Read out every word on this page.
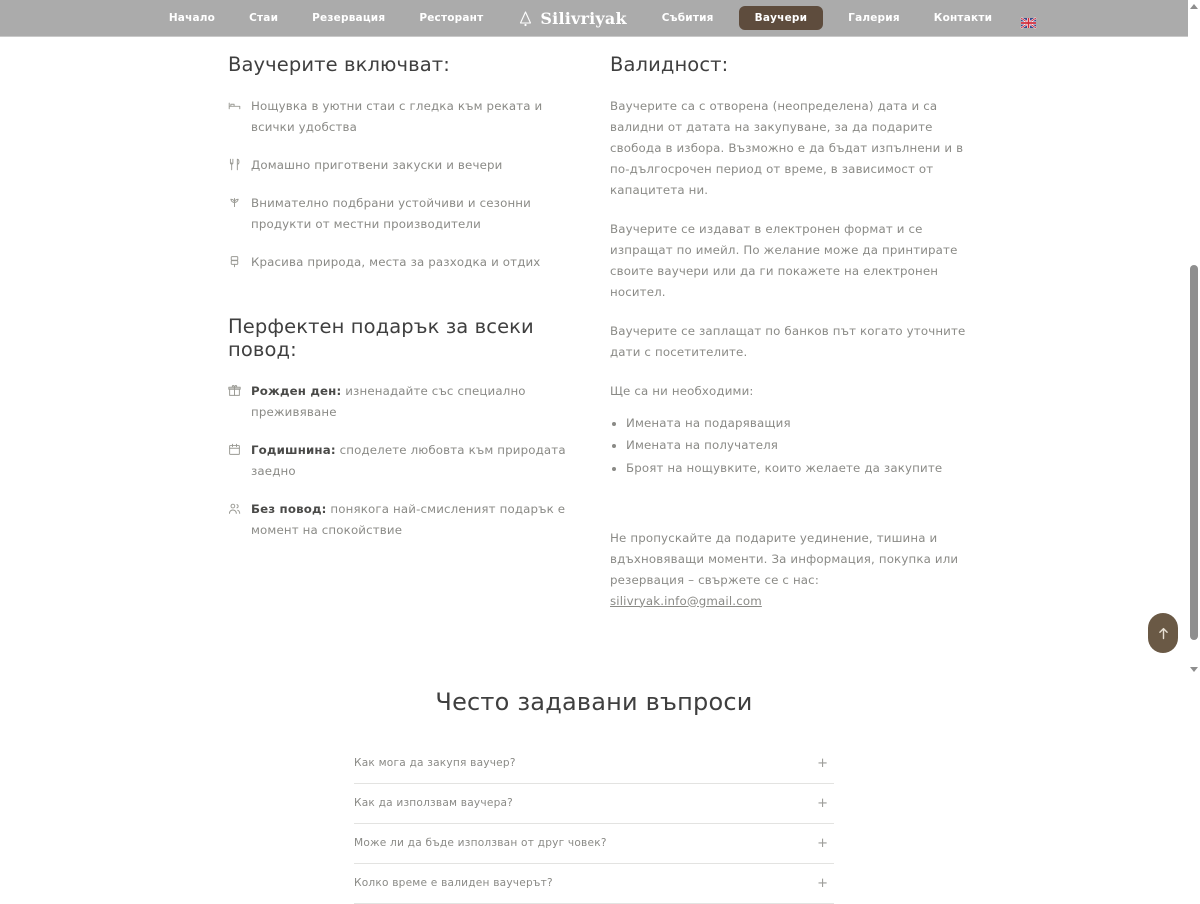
Начало	Стаи	Резервация	Ресторант	Silivriyak	Събития	Ваучери	Галерия	Контакти
Ваучерите включват:
Нощувка в уютни стаи с гледка към реката и всички удобства
Домашно приготвени закуски и вечери
Внимателно подбрани устойчиви и сезонни продукти от местни производители
Красива природа, места за разходка и отдих
Перфектен подарък за всеки повод:
Рожден ден: изненадайте със специално преживяване
Годишнина: споделете любовта към природата заедно
Без повод: понякога най-смисленият подарък е момент на спокойствие
Валидност:

Ваучерите са с отворена (неопределена) дата и са валидни от датата на закупуване, за да подарите свобода в избора. Възможно е да бъдат изпълнени и в по-дългосрочен период от време, в зависимост от капацитета ни.

Ваучерите се издават в електронен формат и се изпращат по имейл. По желание може да принтирате своите ваучери или да ги покажете на електронен носител.

Ваучерите се заплащат по банков път когато уточните дати с посетителите.

Ще са ни необходими:

• Имената на подаряващия
• Имената на получателя
• Броят на нощувките, които желаете да закупите

Не пропускайте да подарите уединение, тишина и вдъхновяващи моменти. За информация, покупка или резервация – свържете се с нас: silivryak.info@gmail.com

Често задавани въпроси
Как мога да закупя ваучер?	+
Как да използвам ваучера?	+
Може ли да бъде използван от друг човек?	+
Колко време е валиден ваучерът?	+
